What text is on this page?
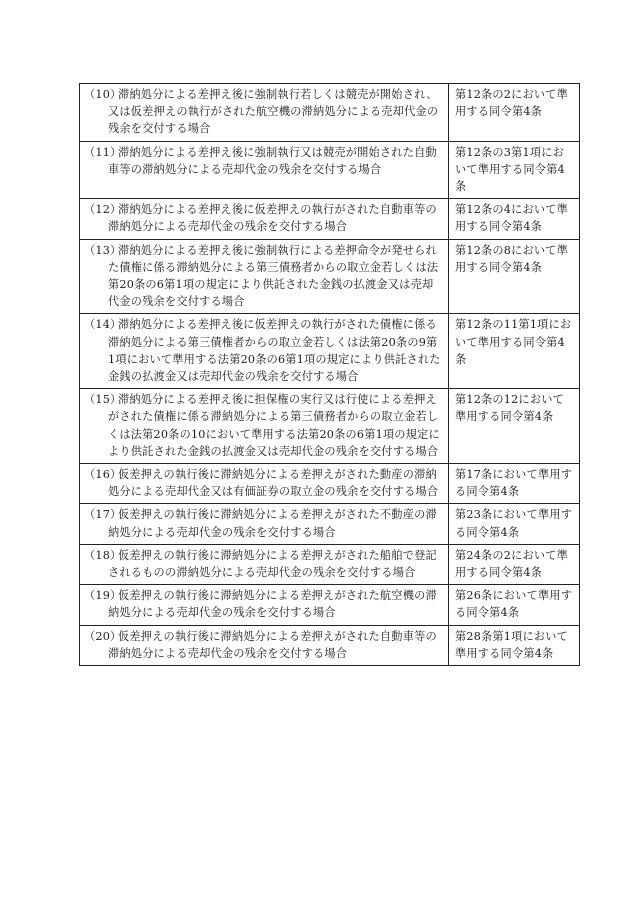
（10）滞納処分による差押え後に強制執行若しくは競売が開始され、又は仮差押えの執行がされた航空機の滞納処分による売却代金の残余を交付する場合	第12条の2において準用する同令第4条
（11）滞納処分による差押え後に強制執行又は競売が開始された自動車等の滞納処分による売却代金の残余を交付する場合	第12条の3第1項において準用する同令第4条
（12）滞納処分による差押え後に仮差押えの執行がされた自動車等の滞納処分による売却代金の残余を交付する場合	第12条の4において準用する同令第4条
（13）滞納処分による差押え後に強制執行による差押命令が発せられた債権に係る滞納処分による第三債務者からの取立金若しくは法第20条の6第1項の規定により供託された金銭の払渡金又は売却代金の残余を交付する場合	第12条の8において準用する同令第4条
（14）滞納処分による差押え後に仮差押えの執行がされた債権に係る滞納処分による第三債権者からの取立金若しくは法第20条の9第1項において準用する法第20条の6第1項の規定により供託された金銭の払渡金又は売却代金の残余を交付する場合	第12条の11第1項において準用する同令第4条
（15）滞納処分による差押え後に担保権の実行又は行使による差押えがされた債権に係る滞納処分による第三債務者からの取立金若しくは法第20条の10において準用する法第20条の6第1項の規定により供託された金銭の払渡金又は売却代金の残余を交付する場合	第12条の12において準用する同令第4条
（16）仮差押えの執行後に滞納処分による差押えがされた動産の滞納処分による売却代金又は有価証券の取立金の残余を交付する場合	第17条において準用する同令第4条
（17）仮差押えの執行後に滞納処分による差押えがされた不動産の滞納処分による売却代金の残余を交付する場合	第23条において準用する同令第4条
（18）仮差押えの執行後に滞納処分による差押えがされた船舶で登記されるものの滞納処分による売却代金の残余を交付する場合	第24条の2において準用する同令第4条
（19）仮差押えの執行後に滞納処分による差押えがされた航空機の滞納処分による売却代金の残余を交付する場合	第26条において準用する同令第4条
（20）仮差押えの執行後に滞納処分による差押えがされた自動車等の滞納処分による売却代金の残余を交付する場合	第28条第1項において準用する同令第4条
